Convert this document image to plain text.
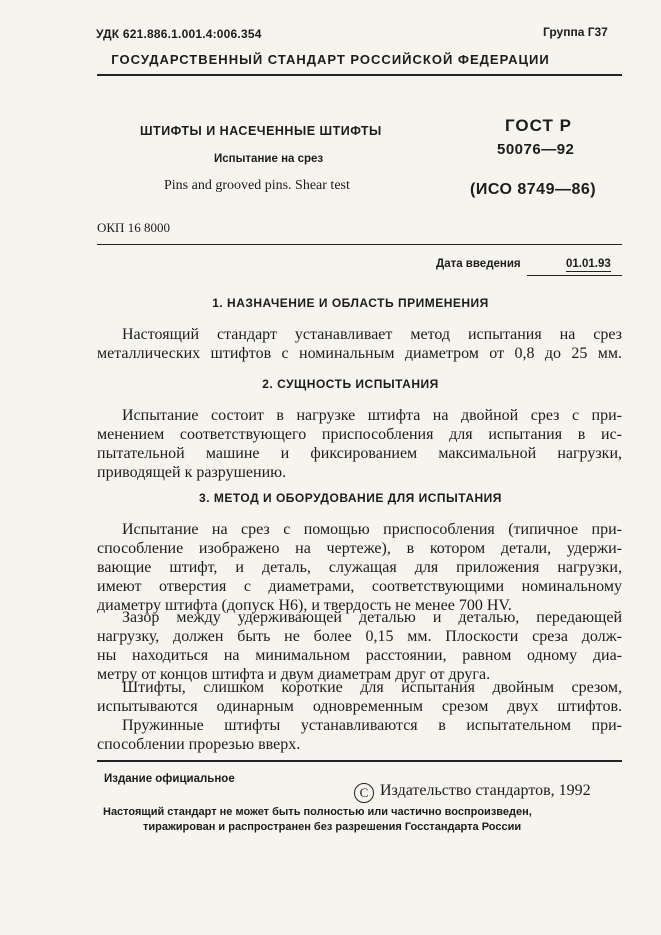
УДК 621.886.1.001.4:006.354	Группа Г37
ГОСУДАРСТВЕННЫЙ СТАНДАРТ РОССИЙСКОЙ ФЕДЕРАЦИИ
ШТИФТЫ И НАСЕЧЕННЫЕ ШТИФТЫ
Испытание на срез
Pins and grooved pins. Shear test
ГОСТ Р
50076—92
(ИСО 8749—86)
ОКП 16 8000
Дата введения	01.01.93
1. НАЗНАЧЕНИЕ И ОБЛАСТЬ ПРИМЕНЕНИЯ
Настоящий стандарт устанавливает метод испытания на срез
металлических штифтов с номинальным диаметром от 0,8 до 25 мм.
2. СУЩНОСТЬ ИСПЫТАНИЯ
Испытание состоит в нагрузке штифта на двойной срез с при-
менением соответствующего приспособления для испытания в ис-
пытательной машине и фиксированием максимальной нагрузки,
приводящей к разрушению.
3. МЕТОД И ОБОРУДОВАНИЕ ДЛЯ ИСПЫТАНИЯ
Испытание на срез с помощью приспособления (типичное при-
способление изображено на чертеже), в котором детали, удержи-
вающие штифт, и деталь, служащая для приложения нагрузки,
имеют отверстия с диаметрами, соответствующими номинальному
диаметру штифта (допуск H6), и твердость не менее 700 HV.
Зазор между удерживающей деталью и деталью, передающей
нагрузку, должен быть не более 0,15 мм. Плоскости среза долж-
ны находиться на минимальном расстоянии, равном одному диа-
метру от концов штифта и двум диаметрам друг от друга.
Штифты, слишком короткие для испытания двойным срезом,
испытываются одинарным одновременным срезом двух штифтов.
Пружинные штифты устанавливаются в испытательном при-
способлении прорезью вверх.
Издание официальное
C Издательство стандартов, 1992
Настоящий стандарт не может быть полностью или частично воспроизведен,
тиражирован и распространен без разрешения Госстандарта России
